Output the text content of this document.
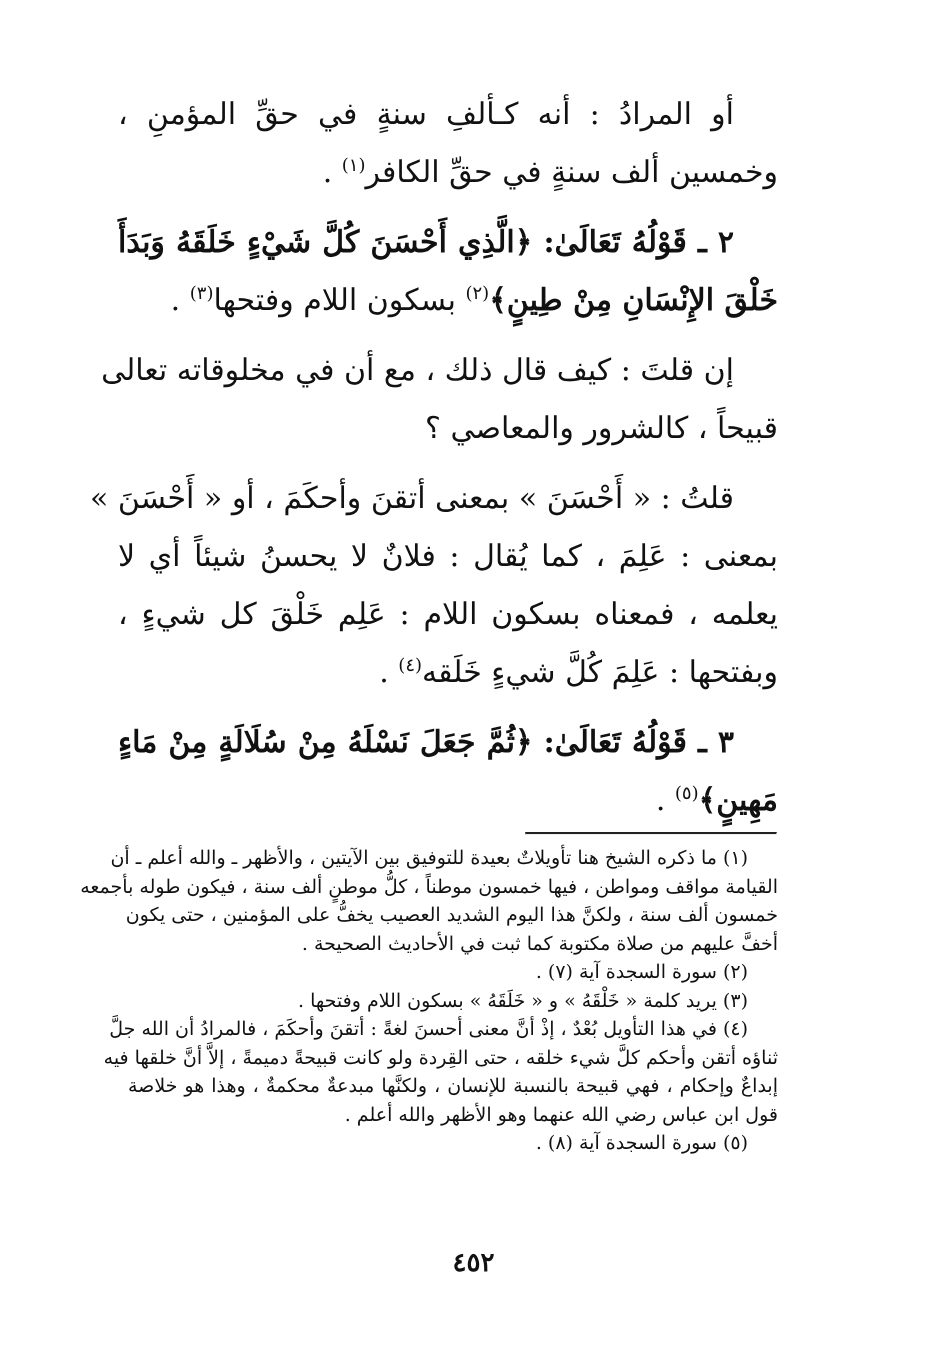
أو المرادُ : أنه كـألفِ سنةٍ في حقِّ المؤمنِ ،
وخمسين ألف سنةٍ في حقِّ الكافر$^{(١)}$ .
٢ ـ قَوْلُهُ تَعَالَىٰ: ﴿الَّذِي أَحْسَنَ كُلَّ شَيْءٍ خَلَقَهُ وَبَدَأَ
خَلْقَ الإِنْسَانِ مِنْ طِينٍ﴾$^{(٢)}$ بسكون اللام وفتحها$^{(٣)}$ .
إن قلتَ : كيف قال ذلك ، مع أن في مخلوقاته تعالى
قبيحاً ، كالشرور والمعاصي ؟
قلتُ : « أَحْسَنَ » بمعنى أتقنَ وأحكَمَ ، أو « أَحْسَنَ »
بمعنى : عَلِمَ ، كما يُقال : فلانٌ لا يحسنُ شيئاً أي لا
يعلمه ، فمعناه بسكون اللام : عَلِم خَلْقَ كل شيءٍ ،
وبفتحها : عَلِمَ كُلَّ شيءٍ خَلَقه$^{(٤)}$ .
٣ ـ قَوْلُهُ تَعَالَىٰ: ﴿ثُمَّ جَعَلَ نَسْلَهُ مِنْ سُلَالَةٍ مِنْ مَاءٍ
مَهِينٍ﴾$^{(٥)}$ .
(١) ما ذكره الشيخ هنا تأويلاتٌ بعيدة للتوفيق بين الآيتين ، والأظهر ـ والله أعلم ـ أن
القيامة مواقف ومواطن ، فيها خمسون موطناً ، كلُّ موطنٍ ألف سنة ، فيكون طوله بأجمعه
خمسون ألف سنة ، ولكنَّ هذا اليوم الشديد العصيب يخفُّ على المؤمنين ، حتى يكون
أخفَّ عليهم من صلاة مكتوبة كما ثبت في الأحاديث الصحيحة .
(٢) سورة السجدة آية (٧) .
(٣) يريد كلمة « خَلْقَهُ » و « خَلَقَهُ » بسكون اللام وفتحها .
(٤) في هذا التأويل بُعْدٌ ، إذْ أنَّ معنى أحسنَ لغةً : أتقنَ وأحكَمَ ، فالمرادُ أن الله جلَّ
ثناؤه أتقن وأحكم كلَّ شيء خلقه ، حتى القِردة ولو كانت قبيحةً دميمةً ، إلاَّ أنَّ خلقها فيه
إبداعٌ وإحكام ، فهي قبيحة بالنسبة للإنسان ، ولكنَّها مبدعةٌ محكمةٌ ، وهذا هو خلاصة
قول ابن عباس رضي الله عنهما وهو الأظهر والله أعلم .
(٥) سورة السجدة آية (٨) .
٤٥٢
